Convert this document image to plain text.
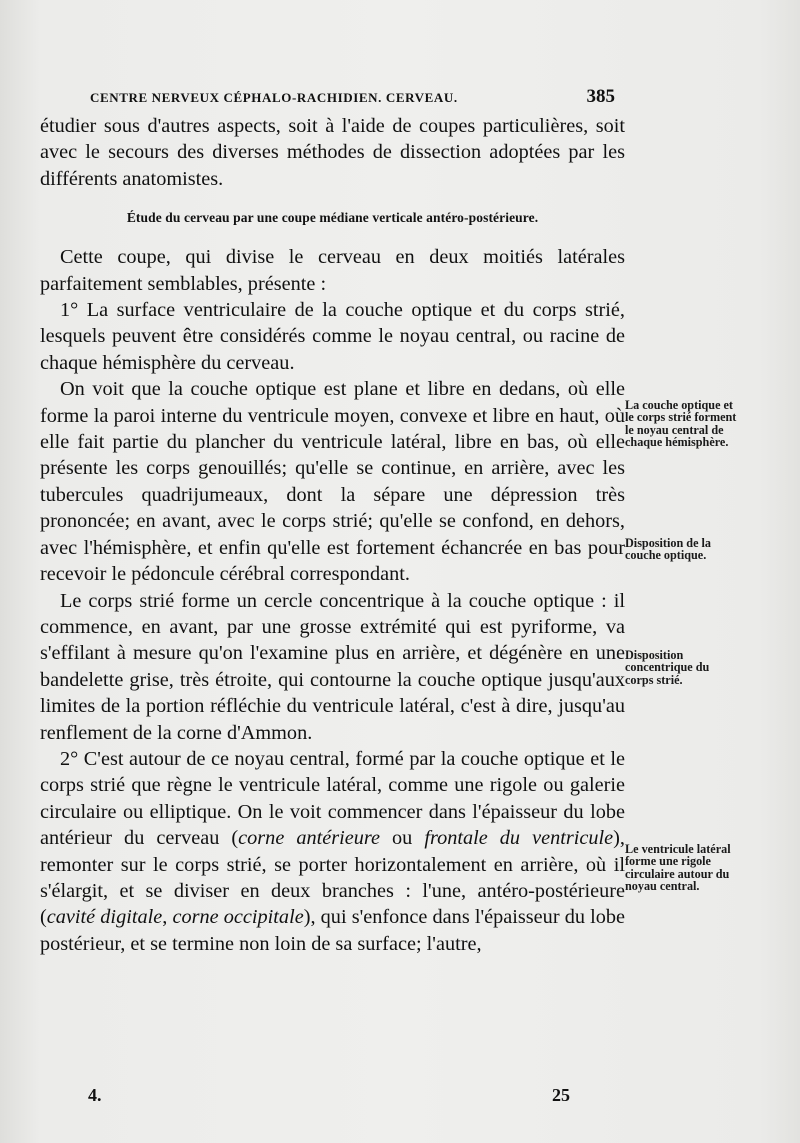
CENTRE NERVEUX CÉPHALO-RACHIDIEN. CERVEAU.	385

étudier sous d'autres aspects, soit à l'aide de coupes particulières, soit avec le secours des diverses méthodes de dissection adoptées par les différents anatomistes.

Étude du cerveau par une coupe médiane verticale antéro-postérieure.

Cette coupe, qui divise le cerveau en deux moitiés latérales parfaitement semblables, présente :

1° La surface ventriculaire de la couche optique et du corps strié, lesquels peuvent être considérés comme le noyau central, ou racine de chaque hémisphère du cerveau.

On voit que la couche optique est plane et libre en dedans, où elle forme la paroi interne du ventricule moyen, convexe et libre en haut, où elle fait partie du plancher du ventricule latéral, libre en bas, où elle présente les corps genouillés; qu'elle se continue, en arrière, avec les tubercules quadrijumeaux, dont la sépare une dépression très prononcée; en avant, avec le corps strié; qu'elle se confond, en dehors, avec l'hémisphère, et enfin qu'elle est fortement échancrée en bas pour recevoir le pédoncule cérébral correspondant.

Le corps strié forme un cercle concentrique à la couche optique : il commence, en avant, par une grosse extrémité qui est pyriforme, va s'effilant à mesure qu'on l'examine plus en arrière, et dégénère en une bandelette grise, très étroite, qui contourne la couche optique jusqu'aux limites de la portion réfléchie du ventricule latéral, c'est à dire, jusqu'au renflement de la corne d'Ammon.

2° C'est autour de ce noyau central, formé par la couche optique et le corps strié que règne le ventricule latéral, comme une rigole ou galerie circulaire ou elliptique. On le voit commencer dans l'épaisseur du lobe antérieur du cerveau (corne antérieure ou frontale du ventricule), remonter sur le corps strié, se porter horizontalement en arrière, où il s'élargit, et se diviser en deux branches : l'une, antéro-postérieure (cavité digitale, corne occipitale), qui s'enfonce dans l'épaisseur du lobe postérieur, et se termine non loin de sa surface; l'autre,

La couche optique et le corps strié forment le noyau central de chaque hémisphère.
Disposition de la couche optique.
Disposition concentrique du corps strié.
Le ventricule latéral forme une rigole circulaire autour du noyau central.
4.	25
